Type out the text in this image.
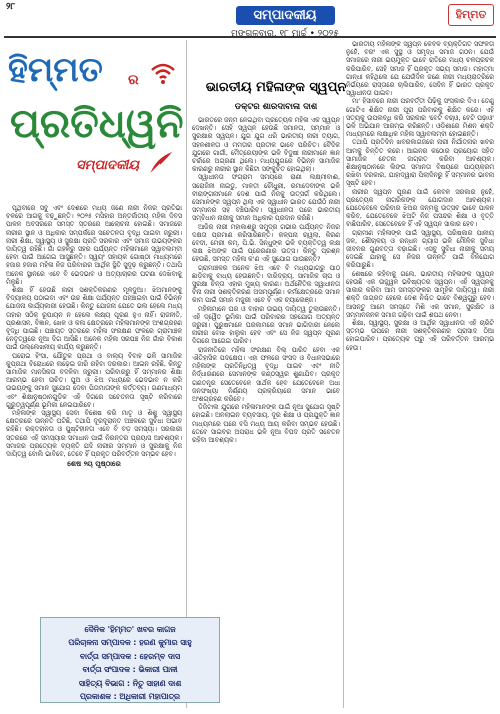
୨୮
ସମ୍ପାଦକୀୟ
ମଙ୍ଗଳବାର, ୧୮ ମାର୍ଚ୍ଚ • ୨୦୨୫
ହିମ୍ମତ
ହିମ୍ମତ ର
ପ୍ରତିଧ୍ୱନି
ସମ୍ପାଦକୀୟ

ପୃଥିବୀରେ ସବୁ ଏବଂ ଦେଶରେ ମଧ୍ୟ ଜଣେ ନାରୀ ନିଜର ପ୍ରତିଭା ବଳରେ ଆଗକୁ ବଢ଼ୁଛନ୍ତି। ୨୦୨୫ ମସିହାର ଅନ୍ତର୍ଜାତୀୟ ମହିଳା ଦିବସ ପାଳନ ଅବସରରେ ସମସ୍ତ ସ୍ତରରେ ଆଲୋଚନା ହୋଇଛି। ସମାଜରେ ନାରୀର ସ୍ଥାନ ଓ ଅଧିକାର ସମ୍ପର୍କରେ ସଚେତନତା ବୃଦ୍ଧି ପାଇବା ଜରୁରୀ। ନାରୀ ଶିକ୍ଷା, ସ୍ୱାସ୍ଥ୍ୟ ଓ ସୁରକ୍ଷା ପ୍ରତି ସରକାର ଏବଂ ସମାଜ ଉଭୟଙ୍କର ଦାୟିତ୍ୱ ରହିଛି। ଗାଁ ଗହଳିରୁ ସହର ପର୍ଯ୍ୟନ୍ତ ମହିଳାମାନେ ସ୍ୱାବଲମ୍ବୀ ହେବା ପାଇଁ ଆଗେଇ ଆସୁଛନ୍ତି। ସ୍ୱୟଂ ସହାୟକ ଗୋଷ୍ଠୀ ମାଧ୍ୟମରେ ହଜାର ହଜାର ମହିଳା ନିଜ ପରିବାରର ଆର୍ଥିକ ସ୍ଥିତି ସୁଦୃଢ଼ କରୁଛନ୍ତି। ତଥାପି ଅନେକ ସ୍ଥାନରେ ଏବେ ବି ଭେଦଭାବ ଓ ଅତ୍ୟାଚାରର ଘଟଣା ଦେଖିବାକୁ ମିଳୁଛି।

ଶିକ୍ଷା ହିଁ ହେଉଛି ନାରୀ ସଶକ୍ତିକରଣର ମୂଳଦୁଆ। ଝିଅମାନଙ୍କୁ ବିଦ୍ୟାଳୟ ପଠାଇବା ଏବଂ ଉଚ୍ଚ ଶିକ୍ଷା ପର୍ଯ୍ୟନ୍ତ ପହଞ୍ଚାଇବା ପାଇଁ ବିଭିନ୍ନ ଯୋଜନା କାର୍ଯ୍ୟକାରୀ ହେଉଛି। କିନ୍ତୁ ଯୋଜନା ଯେତେ ଭଲ ହେଲେ ମଧ୍ୟ ତାହାର ସଠିକ୍ ରୂପାୟନ ନ ହେଲେ ଲକ୍ଷ୍ୟ ପୂରଣ ହୁଏ ନାହିଁ। ରାଜନୀତି, ପ୍ରଶାସନ, ବିଜ୍ଞାନ, ଖେଳ ଓ କଳା କ୍ଷେତ୍ରରେ ମହିଳାମାନଙ୍କ ଅଂଶଗ୍ରହଣ ବୃଦ୍ଧି ପାଇଛି। ପଞ୍ଚାୟତ ସ୍ତରରେ ମହିଳା ସଂରକ୍ଷଣ ଫଳରେ ଗ୍ରାମାଞ୍ଚଳ ନେତୃତ୍ୱରେ ନୂଆ ଦିଗ ଆସିଛି। ଅନେକ ମହିଳା ସରପଞ୍ଚ ନିଜ ଗାଁର ବିକାଶ ପାଇଁ ଉଲ୍ଲେଖନୀୟ କାର୍ଯ୍ୟ କରୁଛନ୍ତି।

ଘରୋଇ ହିଂସା, ଯୌତୁକ ପ୍ରଥା ଓ ବାଲ୍ୟ ବିବାହ ଭଳି ସାମାଜିକ କୁପ୍ରଥା ବିରୋଧରେ ଲଢ଼େଇ ଜାରି ରହିବା ଦରକାର। ଆଇନ ରହିଛି, କିନ୍ତୁ ସାମାଜିକ ମାନସିକତା ବଦଳିବା ଜରୁରୀ। ପରିବାରରୁ ହିଁ ସମ୍ମାନର ଶିକ୍ଷା ଆରମ୍ଭ ହେବା ଉଚିତ। ପୁଅ ଓ ଝିଅ ମଧ୍ୟରେ ଭେଦଭାବ ନ କରି ଉଭୟଙ୍କୁ ସମାନ ସୁଯୋଗ ଦେବା ପିତାମାତାଙ୍କ କର୍ତ୍ତବ୍ୟ। ଗଣମାଧ୍ୟମ ଏବଂ ଶିକ୍ଷାନୁଷ୍ଠାନଗୁଡ଼ିକ ଏହି ଦିଗରେ ସଚେତନତା ସୃଷ୍ଟି କରିବାରେ ଗୁରୁତ୍ୱପୂର୍ଣ୍ଣ ଭୂମିକା ନେଇପାରିବେ।

ମହିଳାଙ୍କ ସ୍ୱାସ୍ଥ୍ୟ ସେବା ବିଶେଷ କରି ମାତୃ ଓ ଶିଶୁ ସ୍ୱାସ୍ଥ୍ୟ କ୍ଷେତ୍ରରେ ଉନ୍ନତି ଘଟିଛି, ତଥାପି ଦୂରଦୂରାନ୍ତ ଅଞ୍ଚଳରେ ସୁବିଧା ଅଭାବ ରହିଛି। ରକ୍ତହୀନତା ଓ ପୁଷ୍ଟିହୀନତା ଏବେ ବି ବଡ଼ ସମସ୍ୟା। ସରକାରୀ ସ୍ତରରେ ଏହି ସମସ୍ୟାର ସମାଧାନ ପାଇଁ ନିରନ୍ତର ପ୍ରୟାସ ଆବଶ୍ୟକ। ସମାଜର ପ୍ରତ୍ୟେକ ବ୍ୟକ୍ତି ଯଦି ନାରୀର ସମ୍ମାନ ଓ ସୁରକ୍ଷାକୁ ନିଜ ଦାୟିତ୍ୱ ବୋଲି ଭାବିବେ, ତେବେ ହିଁ ପ୍ରକୃତ ପରିବର୍ତ୍ତନ ସମ୍ଭବ ହେବ।

ଶେଷ ୨ୟ ପୃଷ୍ଠାରେ
ଦୈନିକ 'ହିମ୍ମତ' ଖବର କାଗଜ
ପରିଚାଳନା ସମ୍ପାଦକ : ହରଣ କୁମାର ସାହୁ
ବାର୍ତ୍ତା ସମ୍ପାଦକ : ହେରମ୍ବ ଦାସ
ବାର୍ତ୍ତା ସଂପାଦକ : ଭିକାରୀ ପାଳୀ
ସାହିତ୍ୟ ବିଭାଗ : ନିତୁ ସାହାଣ ଦାଶ
ପ୍ରକାଶକ : ଅଧିକାରୀ ମହାପାତ୍ର
ଭାରତୀୟ ମହିଳାଙ୍କ ସ୍ୱପ୍ନ
ଡକ୍ଟର ଶାରଦାବାଳା ଦାଶ

ଭାରତରେ ଜନ୍ମ ନେଇଥିବା ପ୍ରତ୍ୟେକ ମହିଳା ଏକ ସ୍ୱପ୍ନ ଦେଖନ୍ତି। ସେହି ସ୍ୱପ୍ନ ହେଉଛି ସମାନତା, ସମ୍ମାନ ଓ ସୁରକ୍ଷାର ସ୍ୱପ୍ନ। ଯୁଗ ଯୁଗ ଧରି ଭାରତୀୟ ନାରୀ ତ୍ୟାଗ, ସହନଶୀଳତା ଓ ମମତାର ପ୍ରତୀକ ଭାବେ ପରିଚିତ। ବୈଦିକ ଯୁଗରେ ଗାର୍ଗୀ, ମୈତ୍ରେୟୀଙ୍କ ଭଳି ବିଦୁଷୀ ନାରୀମାନେ ଜ୍ଞାନ ଚର୍ଚ୍ଚାରେ ଅଗ୍ରଣୀ ଥିଲେ। ମଧ୍ୟଯୁଗରେ ବିଭିନ୍ନ ସାମାଜିକ କାରଣରୁ ନାରୀର ସ୍ଥାନ କିଛିଟା ସଙ୍କୁଚିତ ହୋଇଥିଲା।

ସ୍ୱାଧୀନତା ସଂଗ୍ରାମ ସମୟରେ ରାଣୀ ଲକ୍ଷ୍ମୀବାଈ, ସରୋଜିନୀ ନାଇଡୁ, ମାଳତୀ ଚୌଧୁରୀ, ରମାଦେବୀଙ୍କ ଭଳି ବୀରାଙ୍ଗନାମାନେ ଦେଶ ପାଇଁ ନିଜକୁ ଉତ୍ସର୍ଗ କରିଥିଲେ। ସେମାନଙ୍କ ସ୍ୱପ୍ନ ଥିଲା ଏକ ସ୍ୱାଧୀନ ଭାରତ ଯେଉଁଠି ନାରୀ ସମ୍ମାନର ସହ ବଞ୍ଚିପାରିବ। ସ୍ୱାଧୀନତା ପରେ ଭାରତୀୟ ସମ୍ବିଧାନ ନାରୀକୁ ସମାନ ଅଧିକାର ପ୍ରଦାନ କରିଛି।

ଆଜିର ନାରୀ ମହାକାଶରୁ ସମୁଦ୍ର ଗଭୀର ପର୍ଯ୍ୟନ୍ତ ନିଜର ଦକ୍ଷତା ପ୍ରମାଣ କରିସାରିଛନ୍ତି। କଳ୍ପନା ଚାୱଲା, କିରଣ ବେଦୀ, ମେରୀ କମ୍‌, ପି.ଭି. ସିନ୍ଧୁଙ୍କ ଭଳି ବ୍ୟକ୍ତିତ୍ୱ ଲକ୍ଷ ଲକ୍ଷ ଝିଅଙ୍କ ପାଇଁ ପ୍ରେରଣାର ଉତ୍ସ। କିନ୍ତୁ ପ୍ରଶ୍ନ ହେଉଛି, ସମସ୍ତ ମହିଳା କ'ଣ ଏହି ସୁଯୋଗ ପାଉଛନ୍ତି?

ଗ୍ରାମାଞ୍ଚଳର ଅନେକ ଝିଅ ଏବେ ବି ମଧ୍ୟଭାଗରୁ ପାଠ ଛାଡ଼ିବାକୁ ବାଧ୍ୟ ହେଉଛନ୍ତି। ଦାରିଦ୍ର୍ୟ, ସାମାଜିକ ଚାପ ଓ ସୁରକ୍ଷା ଚିନ୍ତା ଏହାର ମୁଖ୍ୟ କାରଣ। ଅର୍ଥନୈତିକ ସ୍ୱାଧୀନତା ବିନା ନାରୀ ସଶକ୍ତିକରଣ ଅସମ୍ପୂର୍ଣ୍ଣ। କର୍ମକ୍ଷେତ୍ରରେ ସମାନ କାମ ପାଇଁ ସମାନ ମଜୁରୀ ଏବେ ବି ଏକ ଚ୍ୟାଲେଞ୍ଜ।

ମହିଳାମାନେ ଘର ଓ ବାହାର ଉଭୟ ଦାୟିତ୍ୱ ତୁଲାଉଛନ୍ତି। ଏହି ଦ୍ୱୈତ ଭୂମିକା ପାଇଁ ପରିବାରର ସହଯୋଗ ଅତ୍ୟନ୍ତ ଜରୁରୀ। ପୁରୁଷମାନେ ଘରକାମରେ ସମାନ ଭାଗିଦାରୀ ନେଲେ ନାରୀର ବୋଝ ହାଲୁକା ହେବ ଏବଂ ସେ ନିଜ ସ୍ୱପ୍ନ ପୂରଣ ଦିଗରେ ଆଗେଇ ପାରିବ।

ରାଜନୀତିରେ ମହିଳା ସଂରକ୍ଷଣ ବିଲ୍‌ ପାରିତ ହେବା ଏକ ଐତିହାସିକ ପଦକ୍ଷେପ। ଏହା ଫଳରେ ସଂସଦ ଓ ବିଧାନସଭାରେ ମହିଳାଙ୍କ ପ୍ରତିନିଧିତ୍ୱ ବୃଦ୍ଧି ପାଇବ ଏବଂ ନୀତି ନିର୍ଦ୍ଧାରଣରେ ସେମାନଙ୍କ କଣ୍ଠସ୍ୱର ଶୁଣାଯିବ। ପ୍ରକୃତ ଗଣତନ୍ତ୍ର ସେତେବେଳେ ସାର୍ଥକ ହେବ ଯେତେବେଳେ ଅଧା ଜନସଂଖ୍ୟା ନିର୍ଣ୍ଣୟ ପ୍ରକ୍ରିୟାରେ ସମାନ ଭାବେ ଅଂଶଗ୍ରହଣ କରିବେ।

ଡିଜିଟାଲ ଯୁଗରେ ମହିଳାମାନଙ୍କ ପାଇଁ ନୂଆ ସୁଯୋଗ ସୃଷ୍ଟି ହୋଇଛି। ଅନଲାଇନ ବ୍ୟବସାୟ, ଦୂର ଶିକ୍ଷା ଓ ପ୍ରଯୁକ୍ତି ଜ୍ଞାନ ମାଧ୍ୟମରେ ଘରେ ବସି ମଧ୍ୟ ଆୟ କରିବା ସମ୍ଭବ ହେଉଛି। ତେବେ ସାଇବର ଅପରାଧ ଭଳି ନୂଆ ବିପଦ ପ୍ରତି ସଚେତନ ରହିବା ଆବଶ୍ୟକ।

ଭାରତୀୟ ମହିଳାଙ୍କ ସ୍ୱପ୍ନ କେବଳ ବ୍ୟକ୍ତିଗତ ସଫଳତା ନୁହେଁ, ବରଂ ଏକ ସୁସ୍ଥ ଓ ସମୃଦ୍ଧ ସମାଜ ଗଠନ। ଯେଉଁ ସମାଜରେ ନାରୀ ଭୟମୁକ୍ତ ଭାବେ ରାତିରେ ମଧ୍ୟ ଚଳପ୍ରଚଳ କରିପାରିବ, ସେହି ସମାଜ ହିଁ ପ୍ରକୃତ ସଭ୍ୟ ସମାଜ। ମହାତ୍ମା ଗାନ୍ଧୀ କହିଥିଲେ ଯେ ଯେଉଁଦିନ ଜଣେ ନାରୀ ମଧ୍ୟରାତ୍ରିରେ ନିର୍ଭୟରେ ରାସ୍ତାରେ ଚାଲିପାରିବ, ସେଦିନ ହିଁ ଭାରତ ପ୍ରକୃତ ସ୍ୱାଧୀନତା ପାଇବ।

ମା' ହିସାବରେ ନାରୀ ପରବର୍ତ୍ତୀ ପିଢ଼ିକୁ ସଂସ୍କାର ଦିଏ। ତେଣୁ ଗୋଟିଏ ଶିକ୍ଷିତ ନାରୀ ପୂରା ପରିବାରକୁ ଶିକ୍ଷିତ କରେ। ଏହି ସତ୍ୟକୁ ଉପଲବ୍ଧି କରି ସରକାର 'ବେଟି ବଚାଓ, ବେଟି ପଢ଼ାଓ' ଭଳି ଅଭିଯାନ ଆରମ୍ଭ କରିଛନ୍ତି। ଓଡ଼ିଶାରେ ମିଶନ ଶକ୍ତି ମାଧ୍ୟମରେ ଲକ୍ଷାଧିକ ମହିଳା ସ୍ୱାବଲମ୍ବୀ ହୋଇଛନ୍ତି।

ତଥାପି ପ୍ରତିଦିନ ଖବରକାଗଜରେ ନାରୀ ନିର୍ଯାତନାର ଖବର ଆମକୁ ଚିନ୍ତିତ କରେ। ଆଇନର କଠୋର ପ୍ରୟୋଗ ସହିତ ସାମାଜିକ ଚେତନା ଜାଗ୍ରତ କରିବା ଆବଶ୍ୟକ। ଶିକ୍ଷାନୁଷ୍ଠାନରେ ଲିଙ୍ଗ ସମାନତା ବିଷୟରେ ପାଠ୍ୟକ୍ରମ ରଖିବା ଦରକାର, ଯାହାଦ୍ୱାରା ପିଲାଦିନରୁ ହିଁ ସମ୍ମାନର ଭାବନା ସୃଷ୍ଟି ହେବ।

ନାରୀର ସ୍ୱପ୍ନ ପୂରଣ ପାଇଁ କେବଳ ସରକାର ନୁହେଁ, ପ୍ରତ୍ୟେକ ନାଗରିକଙ୍କ ଯୋଗଦାନ ଆବଶ୍ୟକ। ଯେତେବେଳେ ପରିବାର ଝିଅର ଜନ୍ମକୁ ଉତ୍ସବ ଭାବେ ପାଳନ କରିବ, ଯେତେବେଳେ ଝିଅଟି ନିଜ ପସନ୍ଦର ଶିକ୍ଷା ଓ ବୃତ୍ତି ବାଛିପାରିବ, ସେତେବେଳେ ହିଁ ଏହି ସ୍ୱପ୍ନ ସାକାର ହେବ।

ଗ୍ରାମୀଣ ମହିଳାଙ୍କ ପାଇଁ ସ୍ୱାସ୍ଥ୍ୟ, ପରିଷ୍କାର ପାନୀୟ ଜଳ, ଶୌଚାଳୟ ଓ ରନ୍ଧନ ଗ୍ୟାସ ଭଳି ମୌଳିକ ସୁବିଧା ଜୀବନର ଗୁଣବତ୍ତା ବଢ଼ାଇଛି। ଏସବୁ ସୁବିଧା ନାରୀକୁ ସମୟ ଦେଇଛି ଯାହାକୁ ସେ ନିଜର ଉନ୍ନତି ପାଇଁ ବିନିଯୋଗ କରିପାରୁଛି।

ଶେଷରେ କହିବାକୁ ଗଲେ, ଭାରତୀୟ ମହିଳାଙ୍କ ସ୍ୱପ୍ନ ହେଉଛି ଏକ ଉଜ୍ଜ୍ୱଳ ଭବିଷ୍ୟତର ସ୍ୱପ୍ନ। ଏହି ସ୍ୱପ୍ନକୁ ସାକାର କରିବା ଆମ ସମସ୍ତଙ୍କର ସାମୂହିକ ଦାୟିତ୍ୱ। ନାରୀ ଶକ୍ତି ଜାଗ୍ରତ ହେଲେ ଦେଶ ନିଶ୍ଚିତ ଭାବେ ବିଶ୍ୱଗୁରୁ ହେବ। ଆସନ୍ତୁ ଆମେ ସମସ୍ତେ ମିଶି ଏକ ସମାନ, ସୁରକ୍ଷିତ ଓ ସମ୍ମାନଜନକ ସମାଜ ଗଢ଼ିବା ପାଇଁ ଶପଥ ନେବା।

ଶିକ୍ଷା, ସ୍ୱାସ୍ଥ୍ୟ, ସୁରକ୍ଷା ଓ ଆର୍ଥିକ ସ୍ୱାଧୀନତା ଏହି ଚାରିଟି ସ୍ତମ୍ଭ ଉପରେ ନାରୀ ସଶକ୍ତିକରଣର ପ୍ରାସାଦ ଠିଆ ହୋଇପାରିବ। ପ୍ରତ୍ୟେକ ଘରୁ ଏହି ପରିବର୍ତ୍ତନ ଆରମ୍ଭ ହେଉ।
